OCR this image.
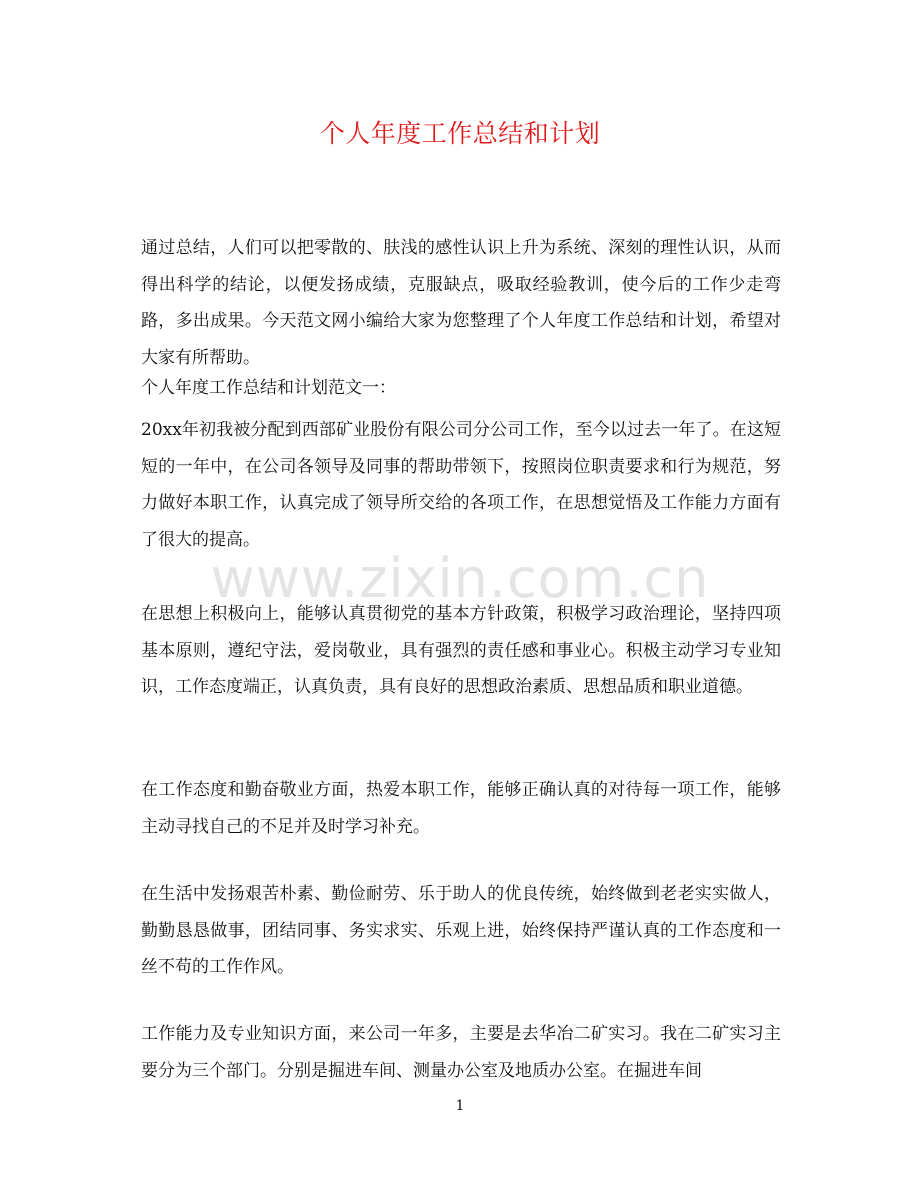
个人年度工作总结和计划
通过总结，人们可以把零散的、肤浅的感性认识上升为系统、深刻的理性认识，从而得出科学的结论，以便发扬成绩，克服缺点，吸取经验教训，使今后的工作少走弯路，多出成果。今天范文网小编给大家为您整理了个人年度工作总结和计划，希望对大家有所帮助。
个人年度工作总结和计划范文一：
20xx年初我被分配到西部矿业股份有限公司分公司工作，至今以过去一年了。在这短短的一年中，在公司各领导及同事的帮助带领下，按照岗位职责要求和行为规范，努力做好本职工作，认真完成了领导所交给的各项工作，在思想觉悟及工作能力方面有了很大的提高。
在思想上积极向上，能够认真贯彻党的基本方针政策，积极学习政治理论，坚持四项基本原则，遵纪守法，爱岗敬业，具有强烈的责任感和事业心。积极主动学习专业知识，工作态度端正，认真负责，具有良好的思想政治素质、思想品质和职业道德。
在工作态度和勤奋敬业方面，热爱本职工作，能够正确认真的对待每一项工作，能够主动寻找自己的不足并及时学习补充。
在生活中发扬艰苦朴素、勤俭耐劳、乐于助人的优良传统，始终做到老老实实做人，勤勤恳恳做事，团结同事、务实求实、乐观上进，始终保持严谨认真的工作态度和一丝不苟的工作作风。
工作能力及专业知识方面，来公司一年多，主要是去华冶二矿实习。我在二矿实习主要分为三个部门。分别是掘进车间、测量办公室及地质办公室。在掘进车间
www.zixin.com.cn
1
